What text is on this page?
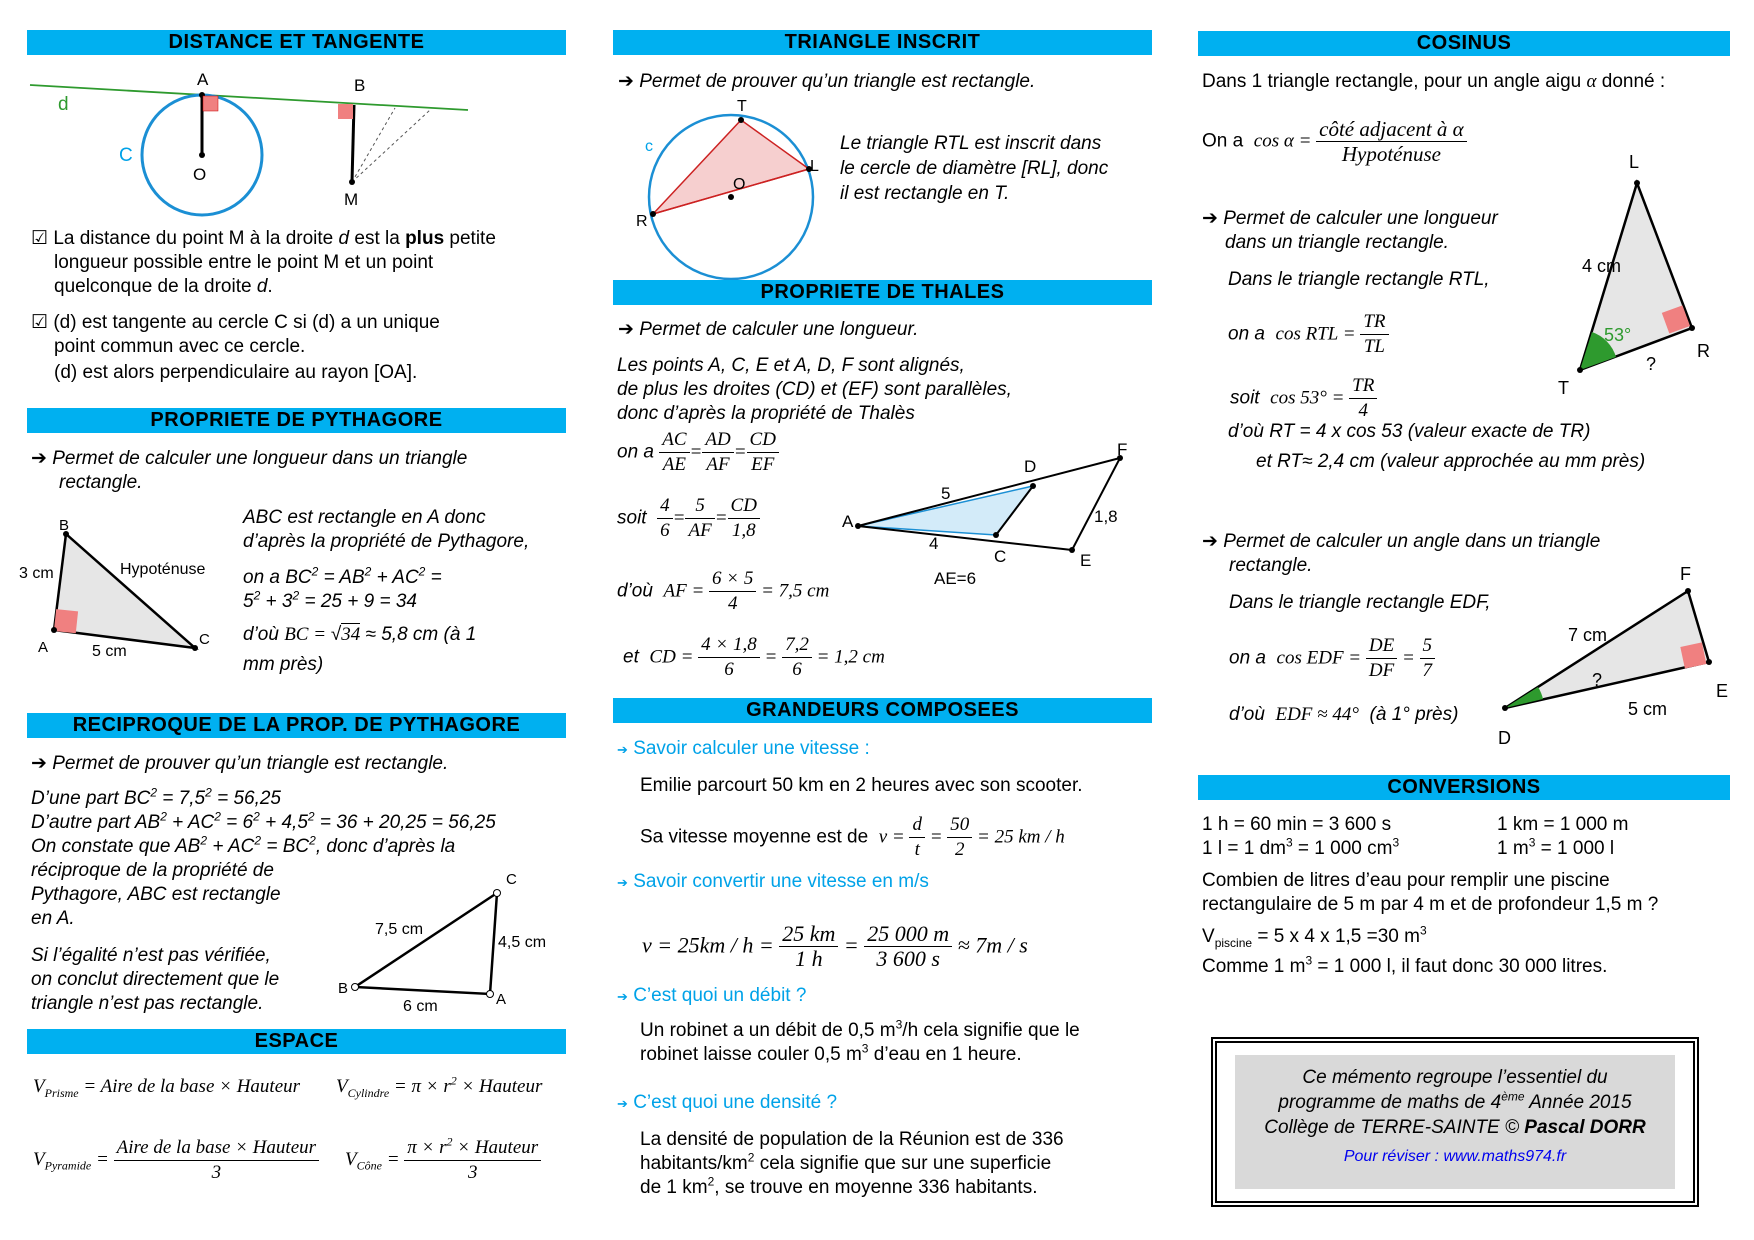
DISTANCE ET TANGENTE
d
C
A
O
B
M
☑ La distance du point M à la droite d est la plus petite
longueur possible entre le point M et un point
quelconque de la droite d.
☑ (d) est tangente au cercle C si (d) a un unique
point commun avec ce cercle.
(d) est alors perpendiculaire au rayon [OA].
PROPRIETE DE PYTHAGORE
➔ Permet de calculer une longueur dans un triangle
rectangle.
B
A	C
3 cm
5 cm
Hypoténuse
ABC est rectangle en A donc
d’après la propriété de Pythagore,
on a $BC^2 = AB^2 + AC^2$ =
$5^2 + 3^2 = 25 + 9 = 34$
d’où BC = √34 ≈ 5,8 cm (à 1
mm près)
RECIPROQUE DE LA PROP. DE PYTHAGORE
➔ Permet de prouver qu’un triangle est rectangle.
D’une part $BC^2 = 7,5^2 = 56,25$
D’autre part $AB^2 + AC^2 = 6^2 + 4,5^2 = 36 + 20,25 = 56,25$
On constate que $AB^2 + AC^2 = BC^2$, donc d’après la
réciproque de la propriété de
Pythagore, ABC est rectangle
en A.
Si l’égalité n’est pas vérifiée,
on conclut directement que le
triangle n’est pas rectangle.
C
B
A
7,5 cm
4,5 cm
6 cm
ESPACE
$V_{Prisme}$ = Aire de la base × Hauteur $V_{Cylindre} = \pi \times r^2$ × Hauteur
$V_{Pyramide}$ =
Aire de la base × Hauteur
3
$V_{Cône}$ =
$\pi \times r^2$ × Hauteur
3
TRIANGLE INSCRIT
➔ Permet de prouver qu’un triangle est rectangle.
T
L
O
R
c	Le triangle RTL est inscrit dans
le cercle de diamètre [RL], donc
il est rectangle en T.
PROPRIETE DE THALES
➔ Permet de calculer une longueur.
Les points A, C, E et A, D, F sont alignés,
de plus les droites (CD) et (EF) sont parallèles,
donc d’après la propriété de Thalès
on a $\frac{AC}{AE} = \frac{AD}{AF} = \frac{CD}{EF}$
soit $\frac{4}{6} = \frac{5}{AF} = \frac{CD}{1,8}$
d’où AF = $\frac{6 \times 5}{4} = 7,5$ cm
et CD = $\frac{4 \times 1,8}{6} = \frac{7,2}{6} = 1,2$ cm
A
D
F
C	E
5
4
1,8
AE=6
GRANDEURS COMPOSEES
➔ Savoir calculer une vitesse :
Emilie parcourt 50 km en 2 heures avec son scooter.
Sa vitesse moyenne est de $v = \frac{d}{t} = \frac{50}{2} = 25$ km / h
➔ Savoir convertir une vitesse en m/s
$v = 25km / h = \frac{25 km}{1 h} = \frac{25 000 m}{3 600 s} \approx 7m / s$
➔ C’est quoi un débit ?
Un robinet a un débit de 0,5 $m^3/h$ cela signifie que le
robinet laisse couler 0,5 $m^3$ d’eau en 1 heure.
➔ C’est quoi une densité ?
La densité de population de la Réunion est de 336
habitants/$km^2$ cela signifie que sur une superficie
de 1 $km^2$, se trouve en moyenne 336 habitants.
COSINUS
Dans 1 triangle rectangle, pour un angle aigu α donné :
On a cos α =
côté adjacent à α
Hypoténuse
➔ Permet de calculer une longueur
dans un triangle rectangle.
Dans le triangle rectangle RTL,
on a cos RTL = $\frac{TR}{TL}$
soit $\cos 53^\circ = \frac{TR}{4}$
d’où RT = 4 x cos 53 (valeur exacte de TR)
et RT≈ 2,4 cm (valeur approchée au mm près)
L
T
R
4 cm
53°
?
➔ Permet de calculer un angle dans un triangle
rectangle.
Dans le triangle rectangle EDF,
on a cos EDF = $\frac{DE}{DF} = \frac{5}{7}$
d’où EDF ≈ 44° (à 1° près)
F
E
D
7 cm
5 cm
?
CONVERSIONS
1 h = 60 min = 3 600 s	1 km = 1 000 m
1 l = 1 $dm^3 = 1$ 000 $cm^3$	1 $m^3 = 1$ 000 l
Combien de litres d’eau pour remplir une piscine
rectangulaire de 5 m par 4 m et de profondeur 1,5 m ?
$V_{piscine} = 5$ x 4 x 1,5 =30 $m^3$
Comme 1 $m^3 = 1$ 000 l, il faut donc 30 000 litres.
Ce mémento regroupe l’essentiel du
programme de maths de 4ème Année 2015
Collège de TERRE-SAINTE © Pascal DORR
Pour réviser : www.maths974.fr
